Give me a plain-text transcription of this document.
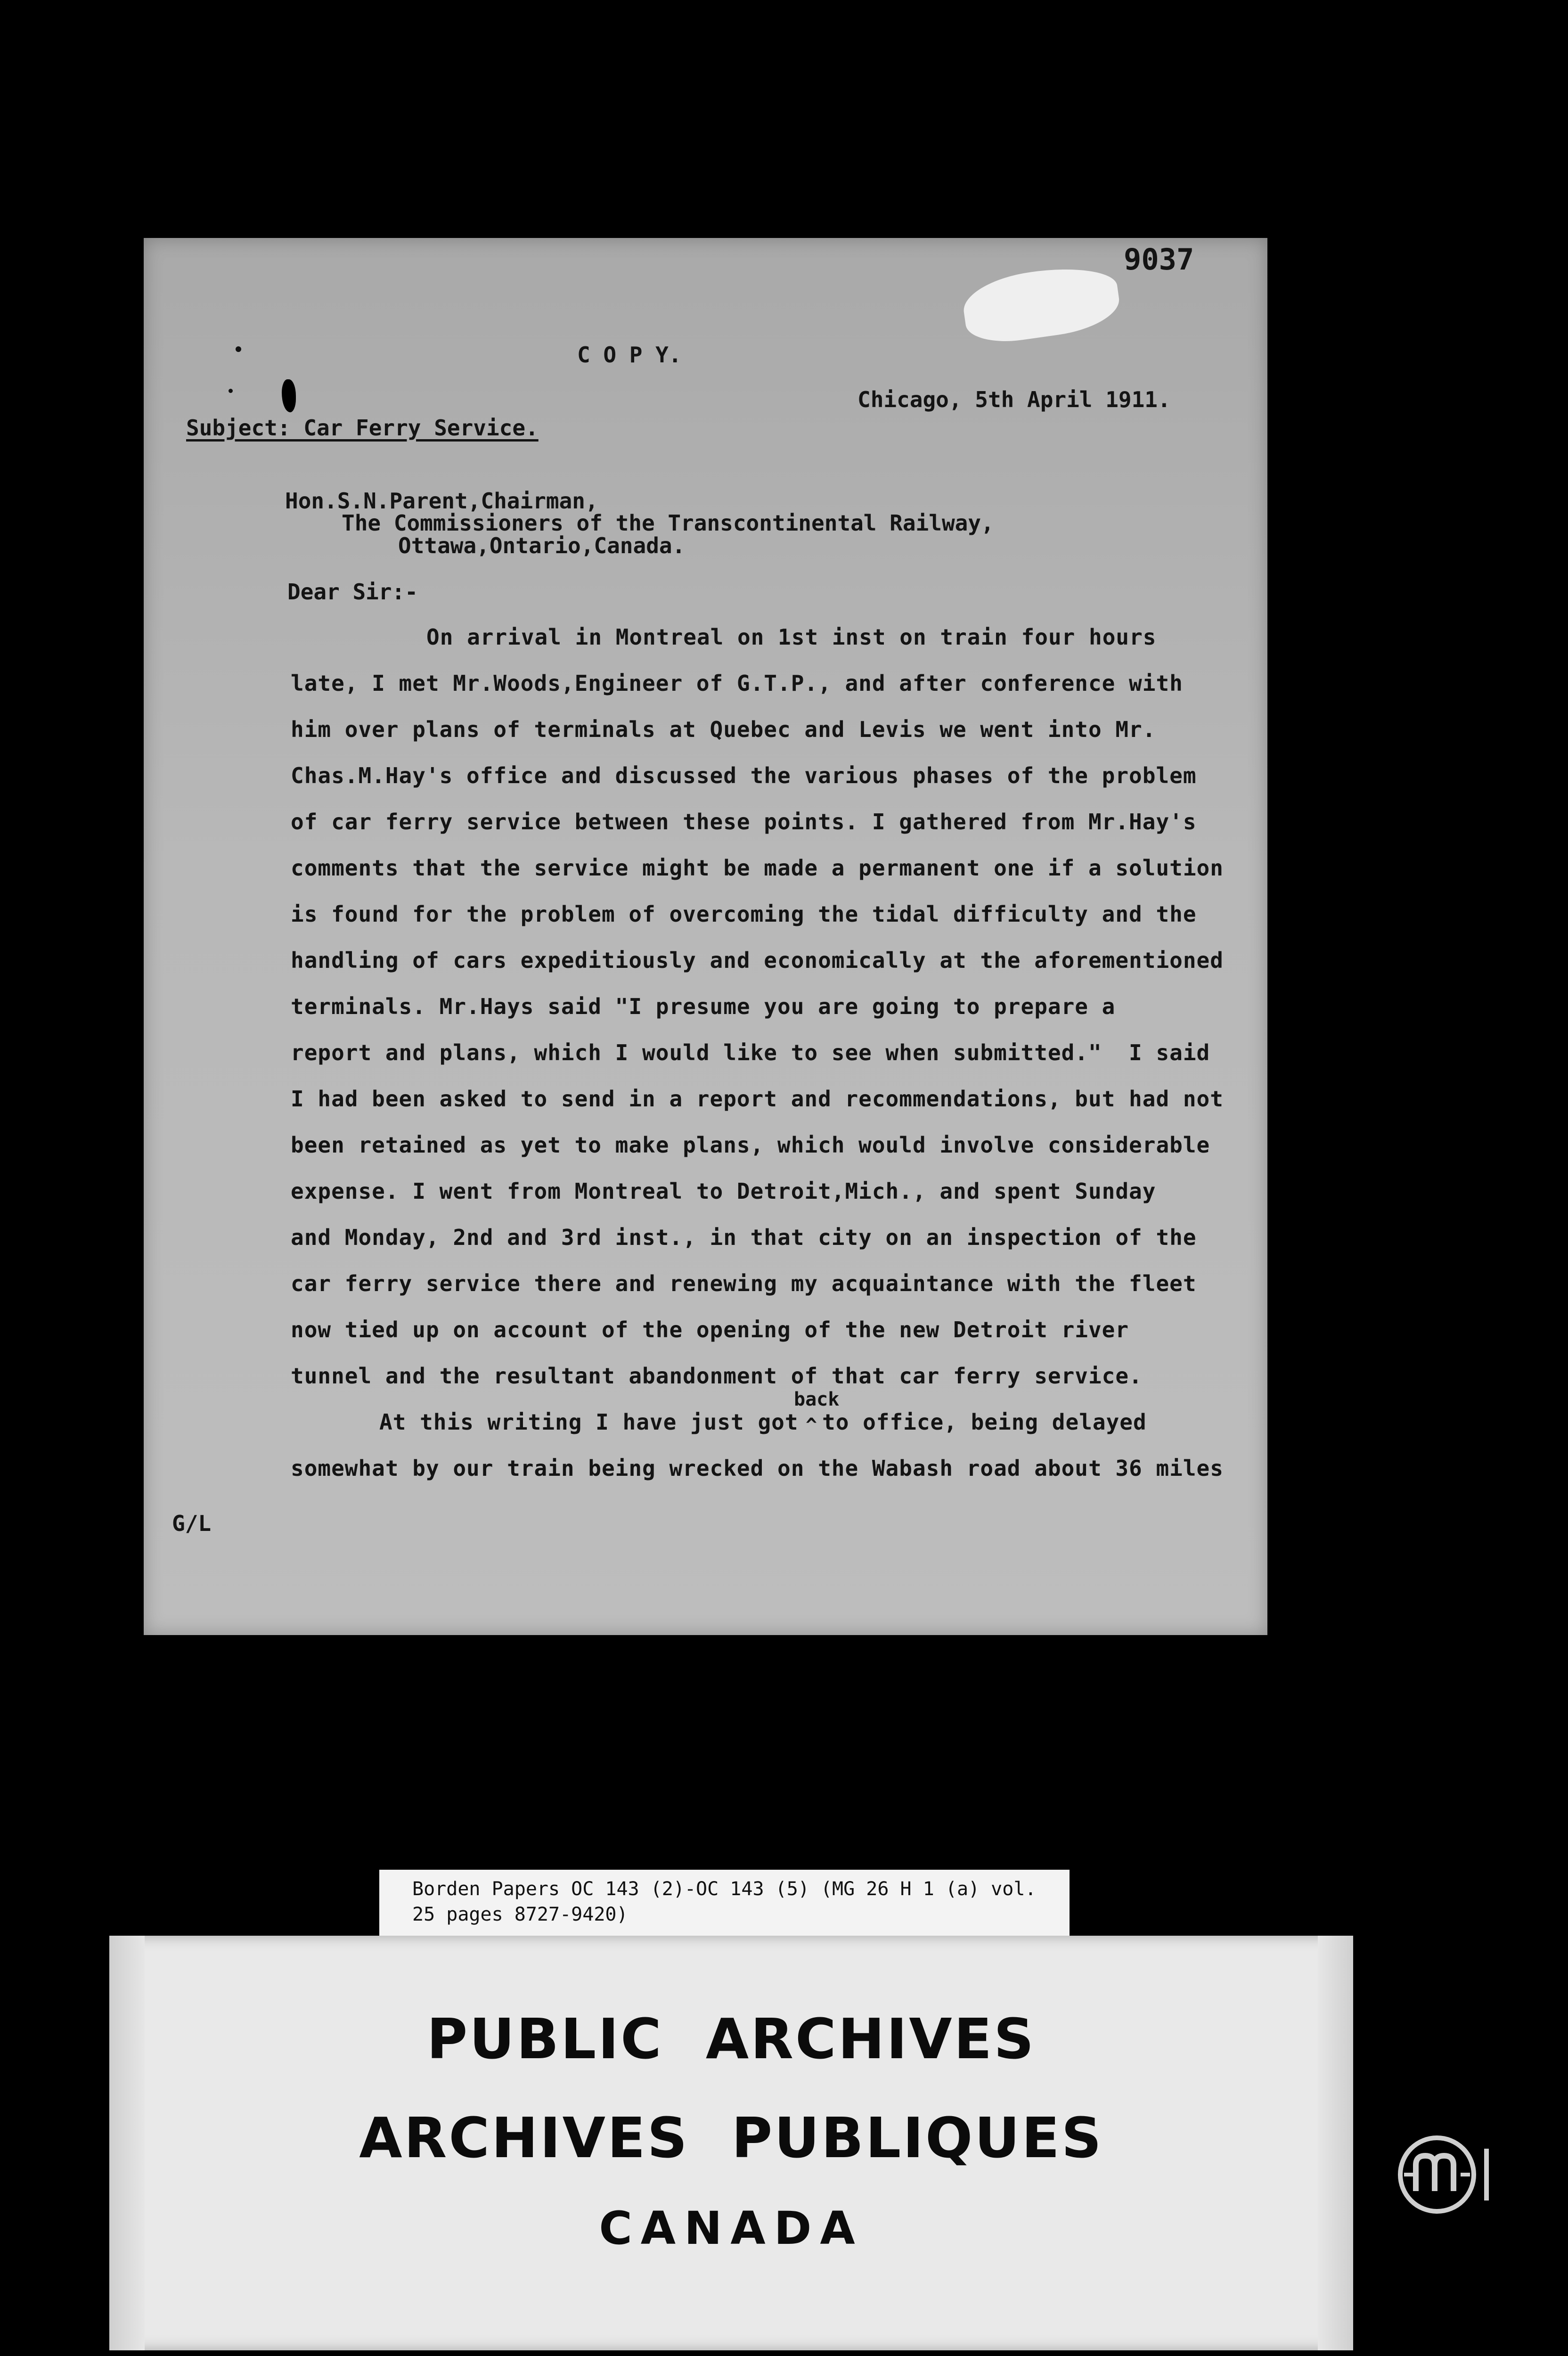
9037
C O P Y.
Chicago, 5th April 1911.
Subject: Car Ferry Service.
Hon.S.N.Parent,Chairman,
The Commissioners of the Transcontinental Railway,
Ottawa,Ontario,Canada.
Dear Sir:-
On arrival in Montreal on 1st inst on train four hours
late, I met Mr.Woods,Engineer of G.T.P., and after conference with
him over plans of terminals at Quebec and Levis we went into Mr.
Chas.M.Hay's office and discussed the various phases of the problem
of car ferry service between these points. I gathered from Mr.Hay's
comments that the service might be made a permanent one if a solution
is found for the problem of overcoming the tidal difficulty and the
handling of cars expeditiously and economically at the aforementioned
terminals. Mr.Hays said "I presume you are going to prepare a
report and plans, which I would like to see when submitted."  I said
I had been asked to send in a report and recommendations, but had not
been retained as yet to make plans, which would involve considerable
expense. I went from Montreal to Detroit,Mich., and spent Sunday
and Monday, 2nd and 3rd inst., in that city on an inspection of the
car ferry service there and renewing my acquaintance with the fleet
now tied up on account of the opening of the new Detroit river
tunnel and the resultant abandonment of that car ferry service.
back
At this writing I have just got ^ to office, being delayed
somewhat by our train being wrecked on the Wabash road about 36 miles
G/L
Borden Papers OC 143 (2)-OC 143 (5) (MG 26 H 1 (a) vol.
25 pages 8727-9420)
PUBLIC  ARCHIVES
ARCHIVES  PUBLIQUES
CANADA
